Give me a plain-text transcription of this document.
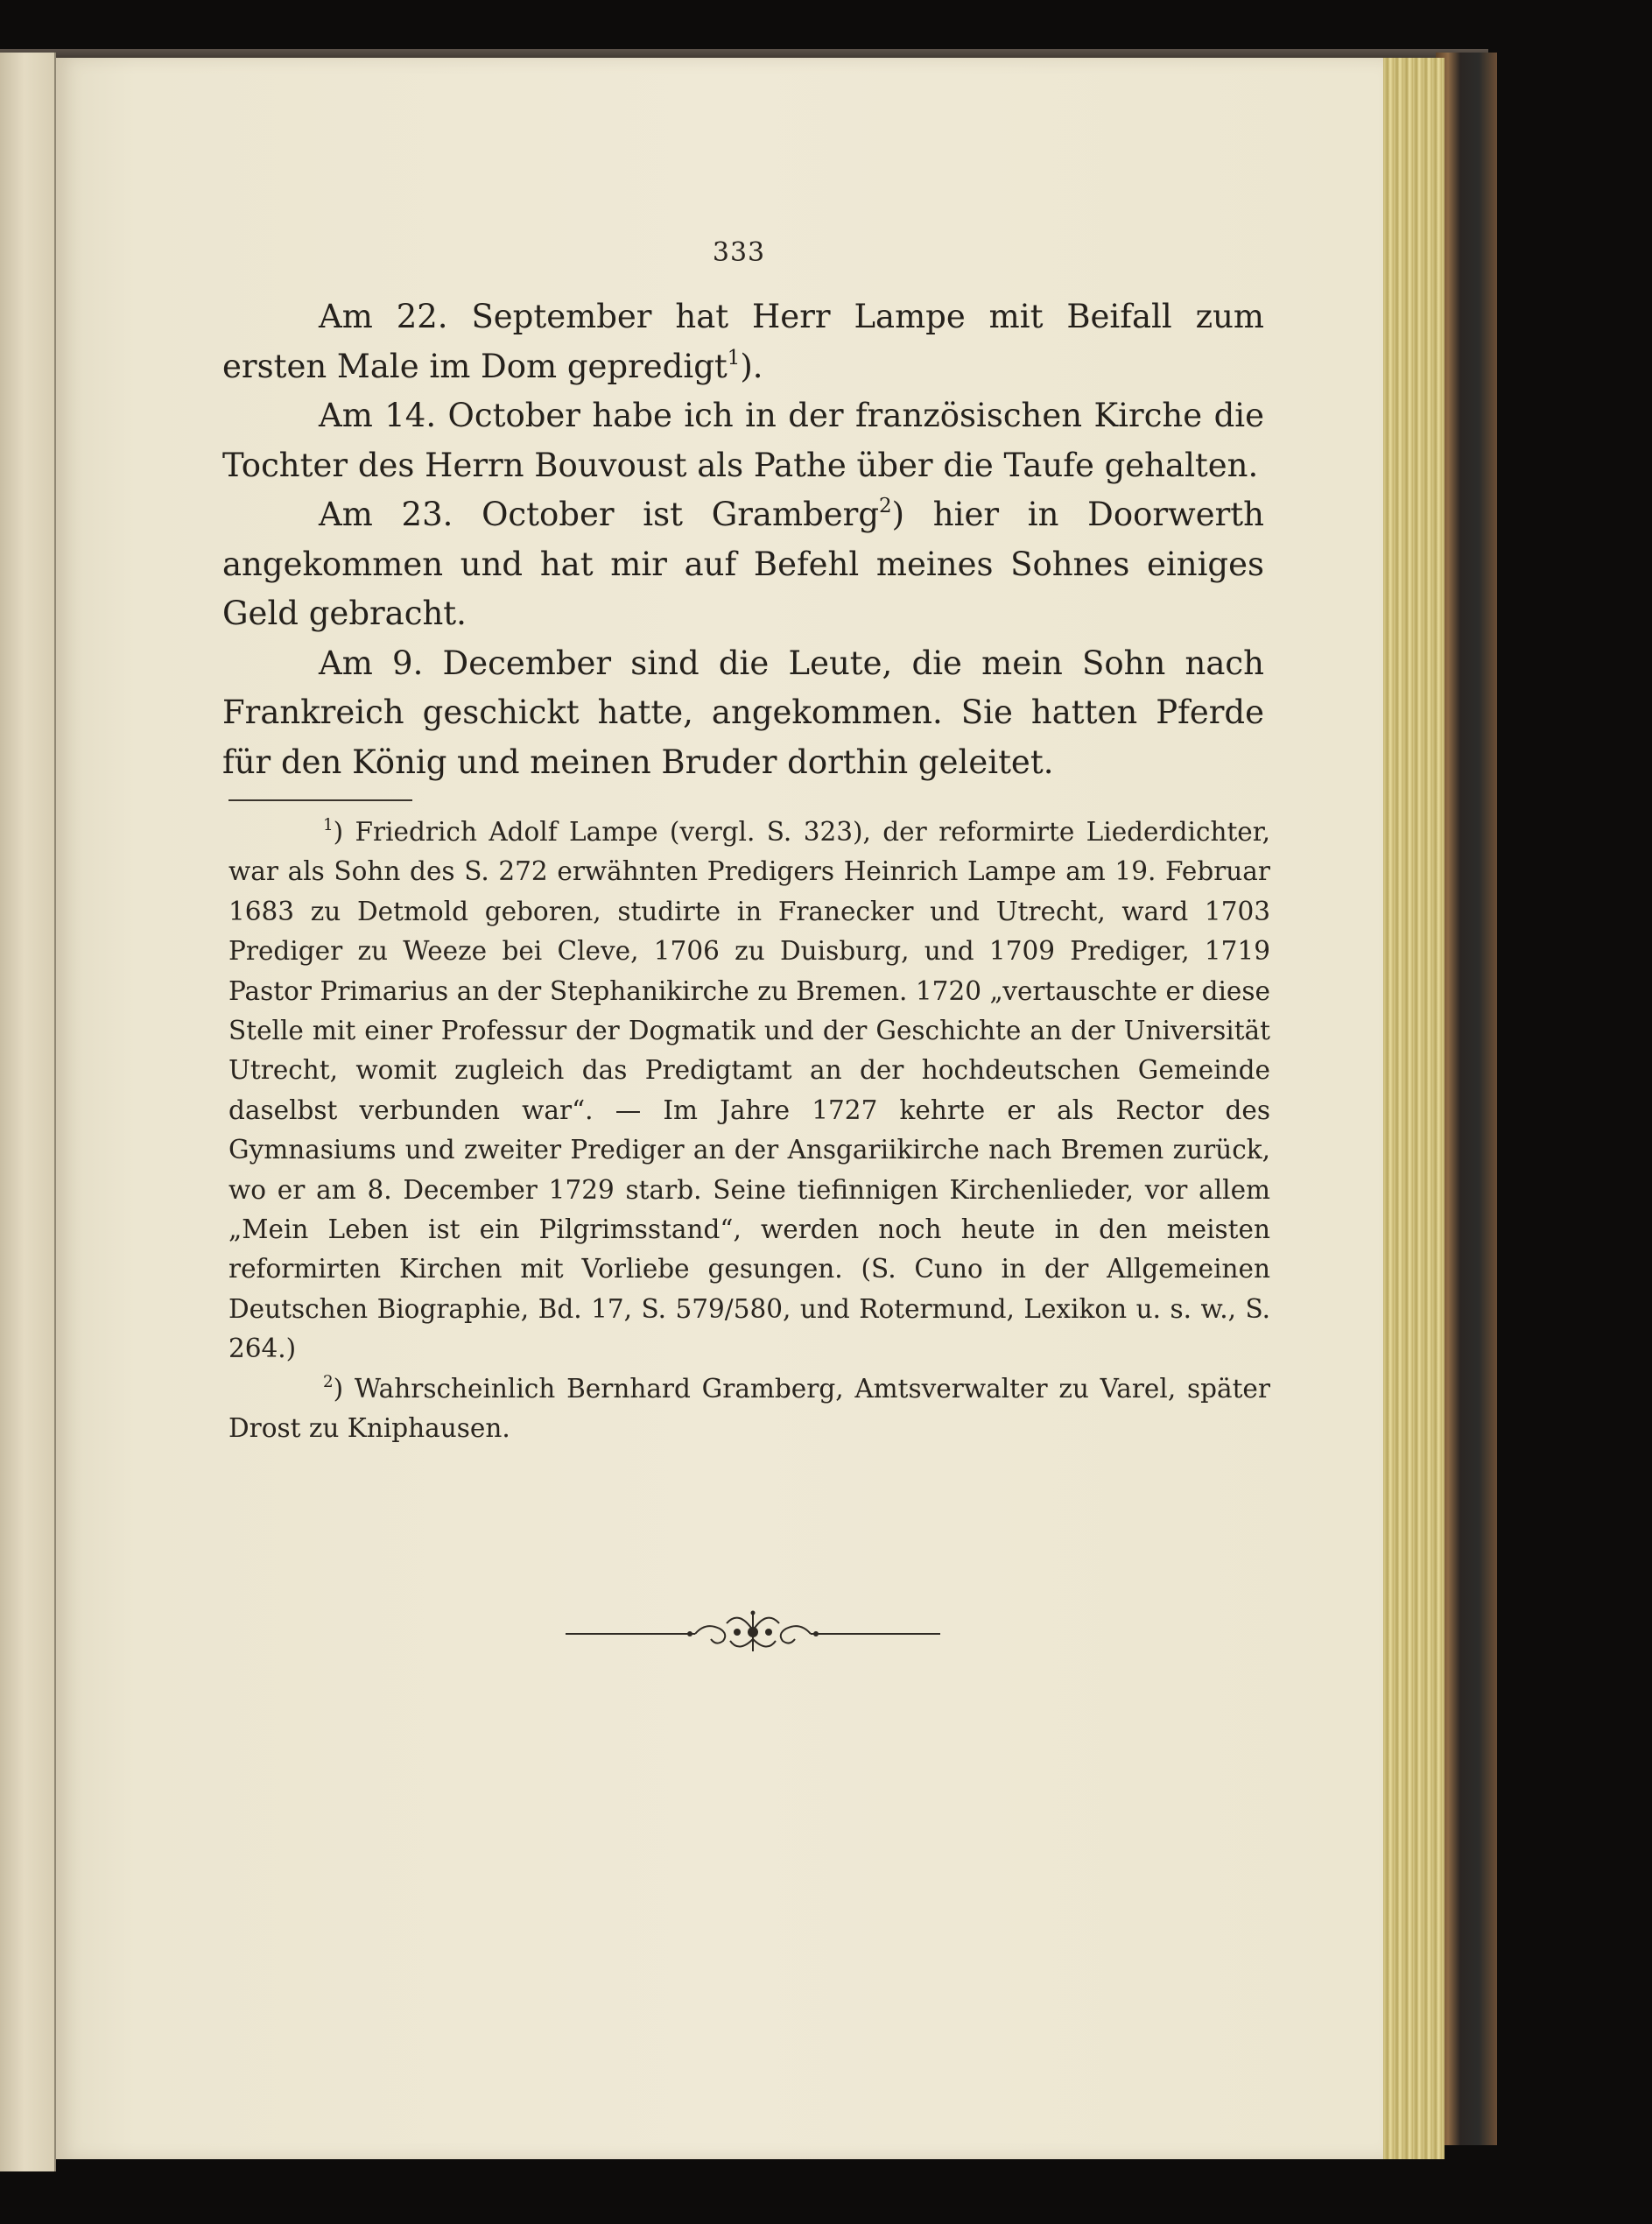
333

Am 22. September hat Herr Lampe mit Beifall zum ersten Male im Dom gepredigt$^1$).

Am 14. October habe ich in der französischen Kirche die Tochter des Herrn Bouvoust als Pathe über die Taufe gehalten.

Am 23. October ist Gramberg$^2$) hier in Doorwerth angekommen und hat mir auf Befehl meines Sohnes einiges Geld gebracht.

Am 9. December sind die Leute, die mein Sohn nach Frankreich geschickt hatte, angekommen. Sie hatten Pferde für den König und meinen Bruder dorthin geleitet.

$^1$) Friedrich Adolf Lampe (vergl. S. 323), der reformirte Liederdichter, war als Sohn des S. 272 erwähnten Predigers Heinrich Lampe am 19. Februar 1683 zu Detmold geboren, studirte in Franecker und Utrecht, ward 1703 Prediger zu Weeze bei Cleve, 1706 zu Duisburg, und 1709 Prediger, 1719 Pastor Primarius an der Stephanikirche zu Bremen. 1720 „vertauschte er diese Stelle mit einer Professur der Dogmatik und der Geschichte an der Universität Utrecht, womit zugleich das Predigtamt an der hochdeutschen Gemeinde daselbst verbunden war“. — Im Jahre 1727 kehrte er als Rector des Gymnasiums und zweiter Prediger an der Ansgariikirche nach Bremen zurück, wo er am 8. December 1729 starb. Seine tiefinnigen Kirchenlieder, vor allem „Mein Leben ist ein Pilgrimsstand“, werden noch heute in den meisten reformirten Kirchen mit Vorliebe gesungen. (S. Cuno in der Allgemeinen Deutschen Biographie, Bd. 17, S. 579/580, und Rotermund, Lexikon u. s. w., S. 264.)

$^2$) Wahrscheinlich Bernhard Gramberg, Amtsverwalter zu Varel, später Drost zu Kniphausen.
